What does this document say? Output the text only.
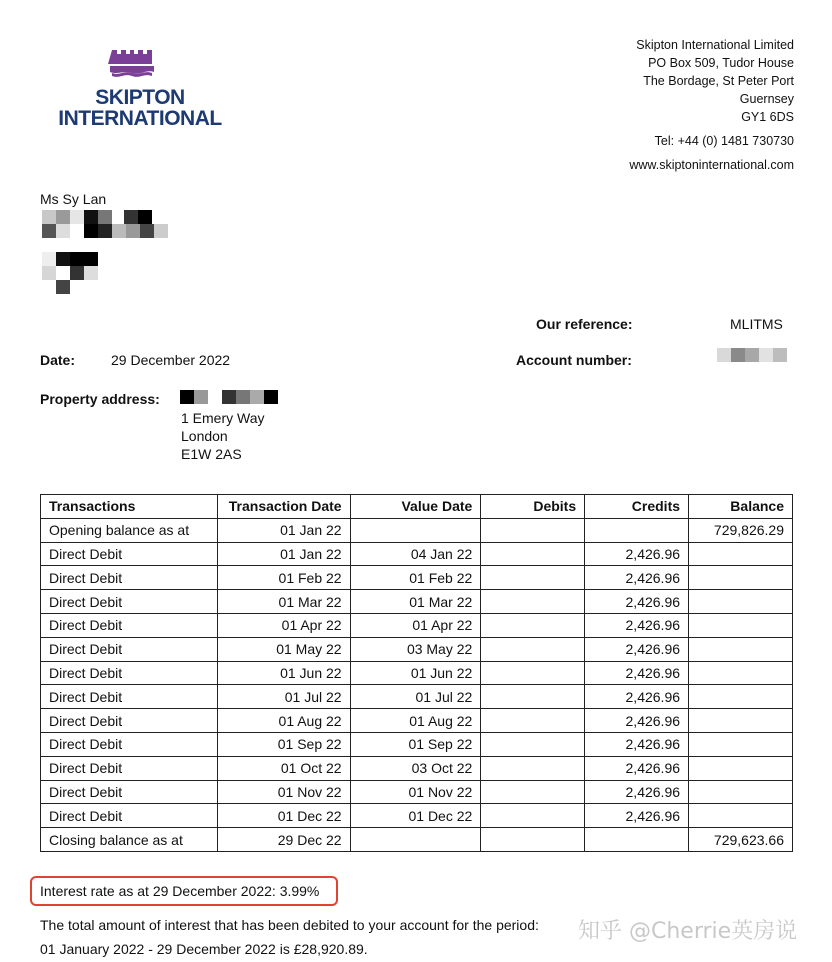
SKIPTON
INTERNATIONAL
Skipton International Limited
PO Box 509, Tudor House
The Bordage, St Peter Port
Guernsey
GY1 6DS
Tel: +44 (0) 1481 730730
www.skiptoninternational.com
Ms Sy Lan
Our reference:	MLITMS
Date:	29 December 2022	Account number:
Property address:
1 Emery Way
London
E1W 2AS
Transactions	Transaction Date	Value Date	Debits	Credits	Balance
Opening balance as at	01 Jan 22				729,826.29
Direct Debit	01 Jan 22	04 Jan 22		2,426.96	
Direct Debit	01 Feb 22	01 Feb 22		2,426.96	
Direct Debit	01 Mar 22	01 Mar 22		2,426.96	
Direct Debit	01 Apr 22	01 Apr 22		2,426.96	
Direct Debit	01 May 22	03 May 22		2,426.96	
Direct Debit	01 Jun 22	01 Jun 22		2,426.96	
Direct Debit	01 Jul 22	01 Jul 22		2,426.96	
Direct Debit	01 Aug 22	01 Aug 22		2,426.96	
Direct Debit	01 Sep 22	01 Sep 22		2,426.96	
Direct Debit	01 Oct 22	03 Oct 22		2,426.96	
Direct Debit	01 Nov 22	01 Nov 22		2,426.96	
Direct Debit	01 Dec 22	01 Dec 22		2,426.96	
Closing balance as at	29 Dec 22				729,623.66
Interest rate as at 29 December 2022: 3.99%
The total amount of interest that has been debited to your account for the period:
01 January 2022 - 29 December 2022 is £28,920.89.
知乎 @Cherrie英房说
